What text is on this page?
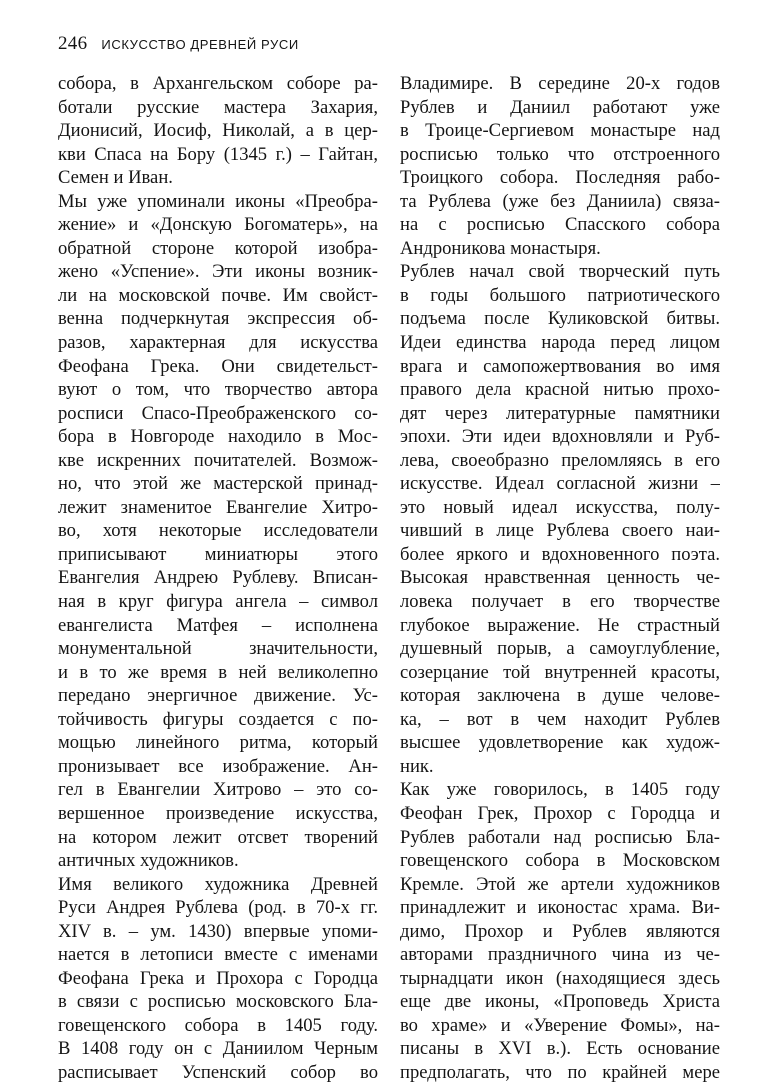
246 ИСКУССТВО ДРЕВНЕЙ РУСИ
собора, в Архангельском соборе ра-
ботали русские мастера Захария,
Дионисий, Иосиф, Николай, а в цер-
кви Спаса на Бору (1345 г.) – Гайтан,
Семен и Иван.
Мы уже упоминали иконы «Преобра-
жение» и «Донскую Богоматерь», на
обратной стороне которой изобра-
жено «Успение». Эти иконы возник-
ли на московской почве. Им свойст-
венна подчеркнутая экспрессия об-
разов, характерная для искусства
Феофана Грека. Они свидетельст-
вуют о том, что творчество автора
росписи Спасо-Преображенского со-
бора в Новгороде находило в Мос-
кве искренних почитателей. Возмож-
но, что этой же мастерской принад-
лежит знаменитое Евангелие Хитро-
во, хотя некоторые исследователи
приписывают миниатюры этого
Евангелия Андрею Рублеву. Вписан-
ная в круг фигура ангела – символ
евангелиста Матфея – исполнена
монументальной значительности,
и в то же время в ней великолепно
передано энергичное движение. Ус-
тойчивость фигуры создается с по-
мощью линейного ритма, который
пронизывает все изображение. Ан-
гел в Евангелии Хитрово – это со-
вершенное произведение искусства,
на котором лежит отсвет творений
античных художников.
Имя великого художника Древней
Руси Андрея Рублева (род. в 70-х гг.
XIV в. – ум. 1430) впервые упоми-
нается в летописи вместе с именами
Феофана Грека и Прохора с Городца
в связи с росписью московского Бла-
говещенского собора в 1405 году.
В 1408 году он с Даниилом Черным
расписывает Успенский собор во
Владимире. В середине 20-х годов
Рублев и Даниил работают уже
в Троице-Сергиевом монастыре над
росписью только что отстроенного
Троицкого собора. Последняя рабо-
та Рублева (уже без Даниила) связа-
на с росписью Спасского собора
Андроникова монастыря.
Рублев начал свой творческий путь
в годы большого патриотического
подъема после Куликовской битвы.
Идеи единства народа перед лицом
врага и самопожертвования во имя
правого дела красной нитью прохо-
дят через литературные памятники
эпохи. Эти идеи вдохновляли и Руб-
лева, своеобразно преломляясь в его
искусстве. Идеал согласной жизни –
это новый идеал искусства, полу-
чивший в лице Рублева своего наи-
более яркого и вдохновенного поэта.
Высокая нравственная ценность че-
ловека получает в его творчестве
глубокое выражение. Не страстный
душевный порыв, а самоуглубление,
созерцание той внутренней красоты,
которая заключена в душе челове-
ка, – вот в чем находит Рублев
высшее удовлетворение как худож-
ник.
Как уже говорилось, в 1405 году
Феофан Грек, Прохор с Городца и
Рублев работали над росписью Бла-
говещенского собора в Московском
Кремле. Этой же артели художников
принадлежит и иконостас храма. Ви-
димо, Прохор и Рублев являются
авторами праздничного чина из че-
тырнадцати икон (находящиеся здесь
еще две иконы, «Проповедь Христа
во храме» и «Уверение Фомы», на-
писаны в XVI в.). Есть основание
предполагать, что по крайней мере
